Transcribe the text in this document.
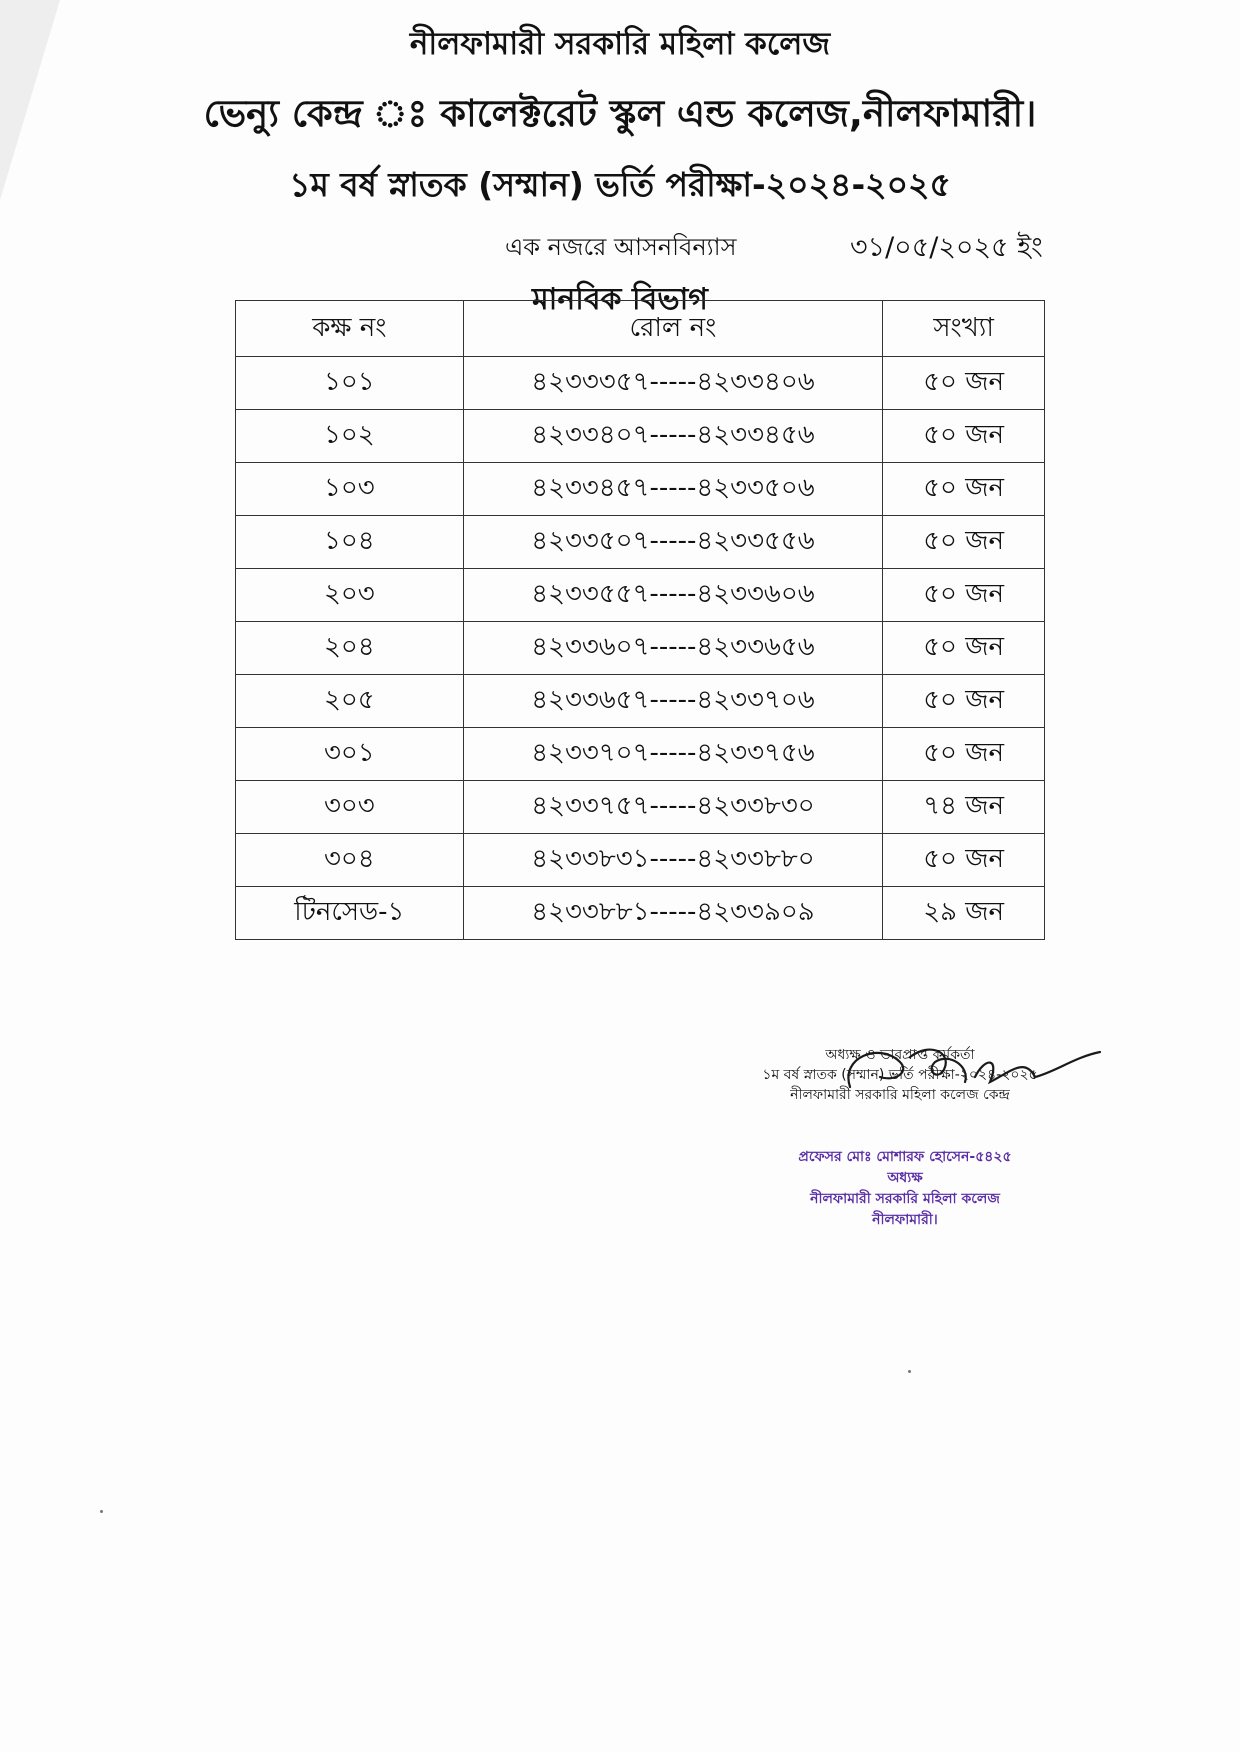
নীলফামারী সরকারি মহিলা কলেজ
ভেন্যু কেন্দ্র ঃ কালেক্টরেট স্কুল এন্ড কলেজ,নীলফামারী।
১ম বর্ষ স্নাতক (সম্মান) ভর্তি পরীক্ষা-২০২৪-২০২৫
এক নজরে আসনবিন্যাস	৩১/০৫/২০২৫ ইং
মানবিক বিভাগ
কক্ষ নং	রোল নং	সংখ্যা
১০১	৪২৩৩৩৫৭-----৪২৩৩৪০৬	৫০ জন
১০২	৪২৩৩৪০৭-----৪২৩৩৪৫৬	৫০ জন
১০৩	৪২৩৩৪৫৭-----৪২৩৩৫০৬	৫০ জন
১০৪	৪২৩৩৫০৭-----৪২৩৩৫৫৬	৫০ জন
২০৩	৪২৩৩৫৫৭-----৪২৩৩৬০৬	৫০ জন
২০৪	৪২৩৩৬০৭-----৪২৩৩৬৫৬	৫০ জন
২০৫	৪২৩৩৬৫৭-----৪২৩৩৭০৬	৫০ জন
৩০১	৪২৩৩৭০৭-----৪২৩৩৭৫৬	৫০ জন
৩০৩	৪২৩৩৭৫৭-----৪২৩৩৮৩০	৭৪ জন
৩০৪	৪২৩৩৮৩১-----৪২৩৩৮৮০	৫০ জন
টিনসেড-১	৪২৩৩৮৮১-----৪২৩৩৯০৯	২৯ জন
অধ্যক্ষ ও ভারপ্রাপ্ত কর্মকর্তা
১ম বর্ষ স্নাতক (সম্মান) ভর্তি পরীক্ষা-২০২৪-২০২৫
নীলফামারী সরকারি মহিলা কলেজ কেন্দ্র
প্রফেসর মোঃ মোশারফ হোসেন-৫৪২৫
অধ্যক্ষ
নীলফামারী সরকারি মহিলা কলেজ
নীলফামারী।
